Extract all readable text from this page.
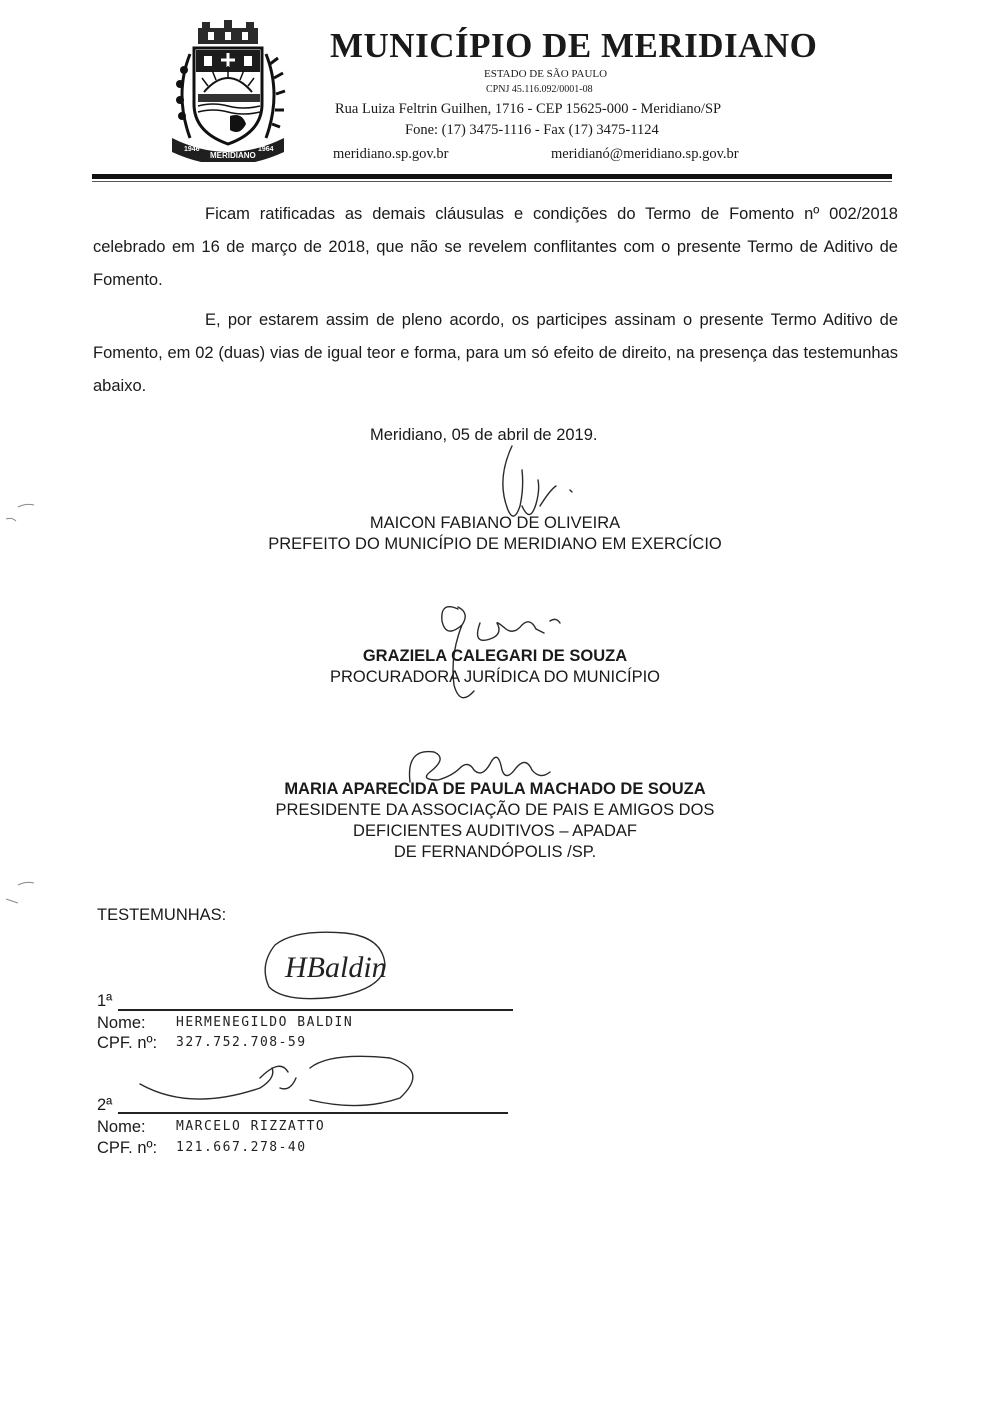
1946
MERIDIANO
1964
MUNICÍPIO DE MERIDIANO
ESTADO DE SÃO PAULO
CPNJ 45.116.092/0001-08
Rua Luiza Feltrin Guilhen, 1716 - CEP 15625-000 - Meridiano/SP
Fone: (17) 3475-1116 - Fax (17) 3475-1124
meridiano.sp.gov.br	meridianó@meridiano.sp.gov.br
Ficam ratificadas as demais cláusulas e condições do Termo de Fomento nº 002/2018 celebrado em 16 de março de 2018, que não se revelem conflitantes com o presente Termo de Aditivo de Fomento.
E, por estarem assim de pleno acordo, os participes assinam o presente Termo Aditivo de Fomento, em 02 (duas) vias de igual teor e forma, para um só efeito de direito, na presença das testemunhas abaixo.
Meridiano, 05 de abril de 2019.
MAICON FABIANO DE OLIVEIRA
PREFEITO DO MUNICÍPIO DE MERIDIANO EM EXERCÍCIO
GRAZIELA CALEGARI DE SOUZA
PROCURADORA JURÍDICA DO MUNICÍPIO
MARIA APARECIDA DE PAULA MACHADO DE SOUZA
PRESIDENTE DA ASSOCIAÇÃO DE PAIS E AMIGOS DOS
DEFICIENTES AUDITIVOS – APADAF
DE FERNANDÓPOLIS /SP.
TESTEMUNHAS:
HBaldin
1ª
Nome: HERMENEGILDO BALDIN
CPF. nº: 327.752.708-59
2ª
Nome: MARCELO RIZZATTO
CPF. nº: 121.667.278-40
